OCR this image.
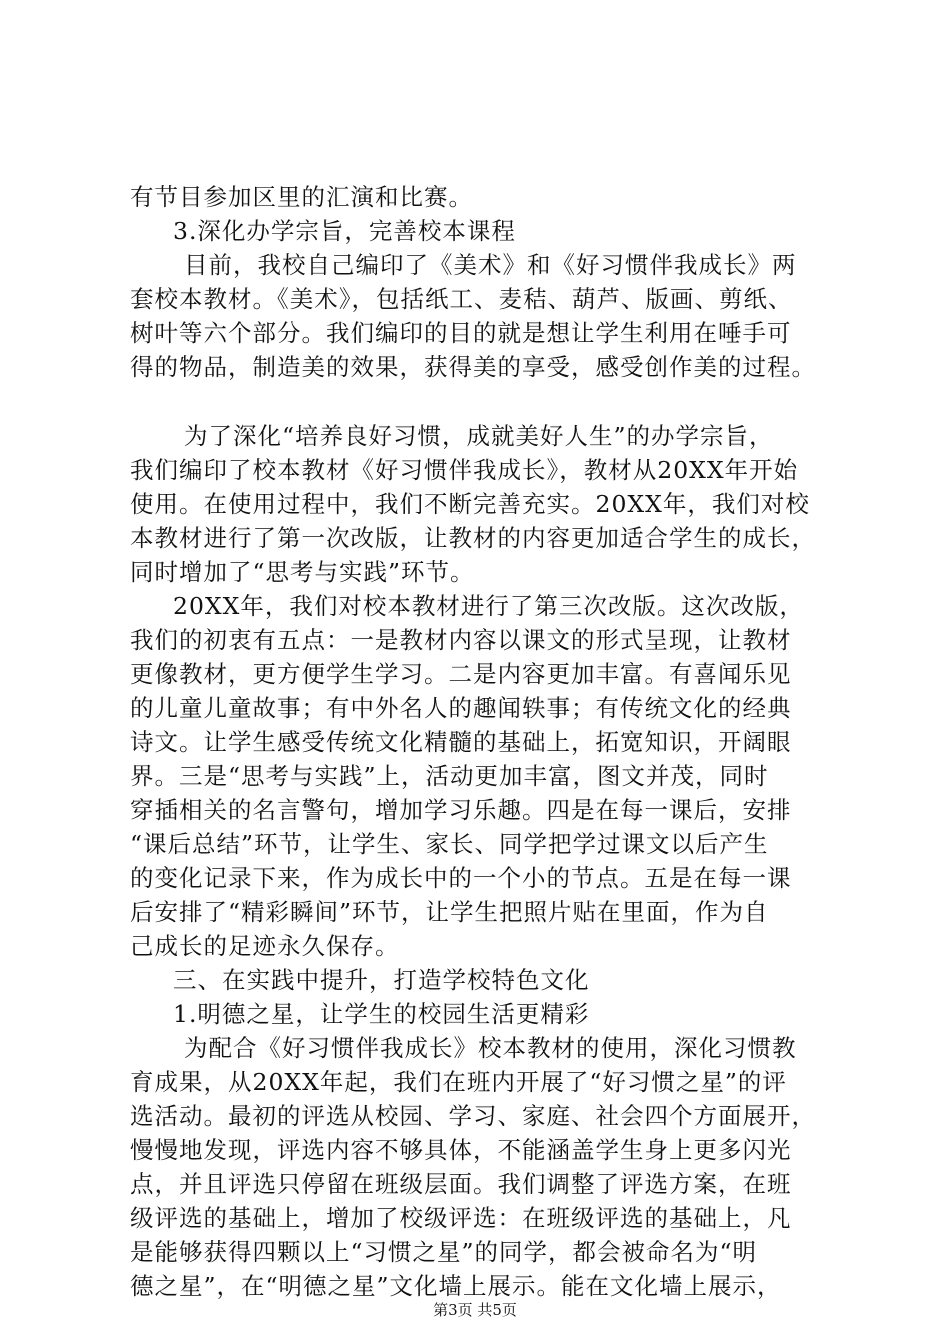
有节目参加区里的汇演和比赛。
3.深化办学宗旨，完善校本课程
目前，我校自己编印了《美术》和《好习惯伴我成长》两
套校本教材。《美术》，包括纸工、麦秸、葫芦、版画、剪纸、
树叶等六个部分。我们编印的目的就是想让学生利用在唾手可
得的物品，制造美的效果，获得美的享受，感受创作美的过程。
为了深化“培养良好习惯，成就美好人生”的办学宗旨，
我们编印了校本教材《好习惯伴我成长》，教材从20XX年开始
使用。在使用过程中，我们不断完善充实。20XX年，我们对校
本教材进行了第一次改版，让教材的内容更加适合学生的成长，
同时增加了“思考与实践”环节。
20XX年，我们对校本教材进行了第三次改版。这次改版，
我们的初衷有五点：一是教材内容以课文的形式呈现，让教材
更像教材，更方便学生学习。二是内容更加丰富。有喜闻乐见
的儿童儿童故事；有中外名人的趣闻轶事；有传统文化的经典
诗文。让学生感受传统文化精髓的基础上，拓宽知识，开阔眼
界。三是“思考与实践”上，活动更加丰富，图文并茂，同时
穿插相关的名言警句，增加学习乐趣。四是在每一课后，安排
“课后总结”环节，让学生、家长、同学把学过课文以后产生
的变化记录下来，作为成长中的一个小的节点。五是在每一课
后安排了“精彩瞬间”环节，让学生把照片贴在里面，作为自
己成长的足迹永久保存。
三、在实践中提升，打造学校特色文化
1.明德之星，让学生的校园生活更精彩
为配合《好习惯伴我成长》校本教材的使用，深化习惯教
育成果，从20XX年起，我们在班内开展了“好习惯之星”的评
选活动。最初的评选从校园、学习、家庭、社会四个方面展开，
慢慢地发现，评选内容不够具体，不能涵盖学生身上更多闪光
点，并且评选只停留在班级层面。我们调整了评选方案，在班
级评选的基础上，增加了校级评选：在班级评选的基础上，凡
是能够获得四颗以上“习惯之星”的同学，都会被命名为“明
德之星”，在“明德之星”文化墙上展示。能在文化墙上展示，
第3页 共5页
